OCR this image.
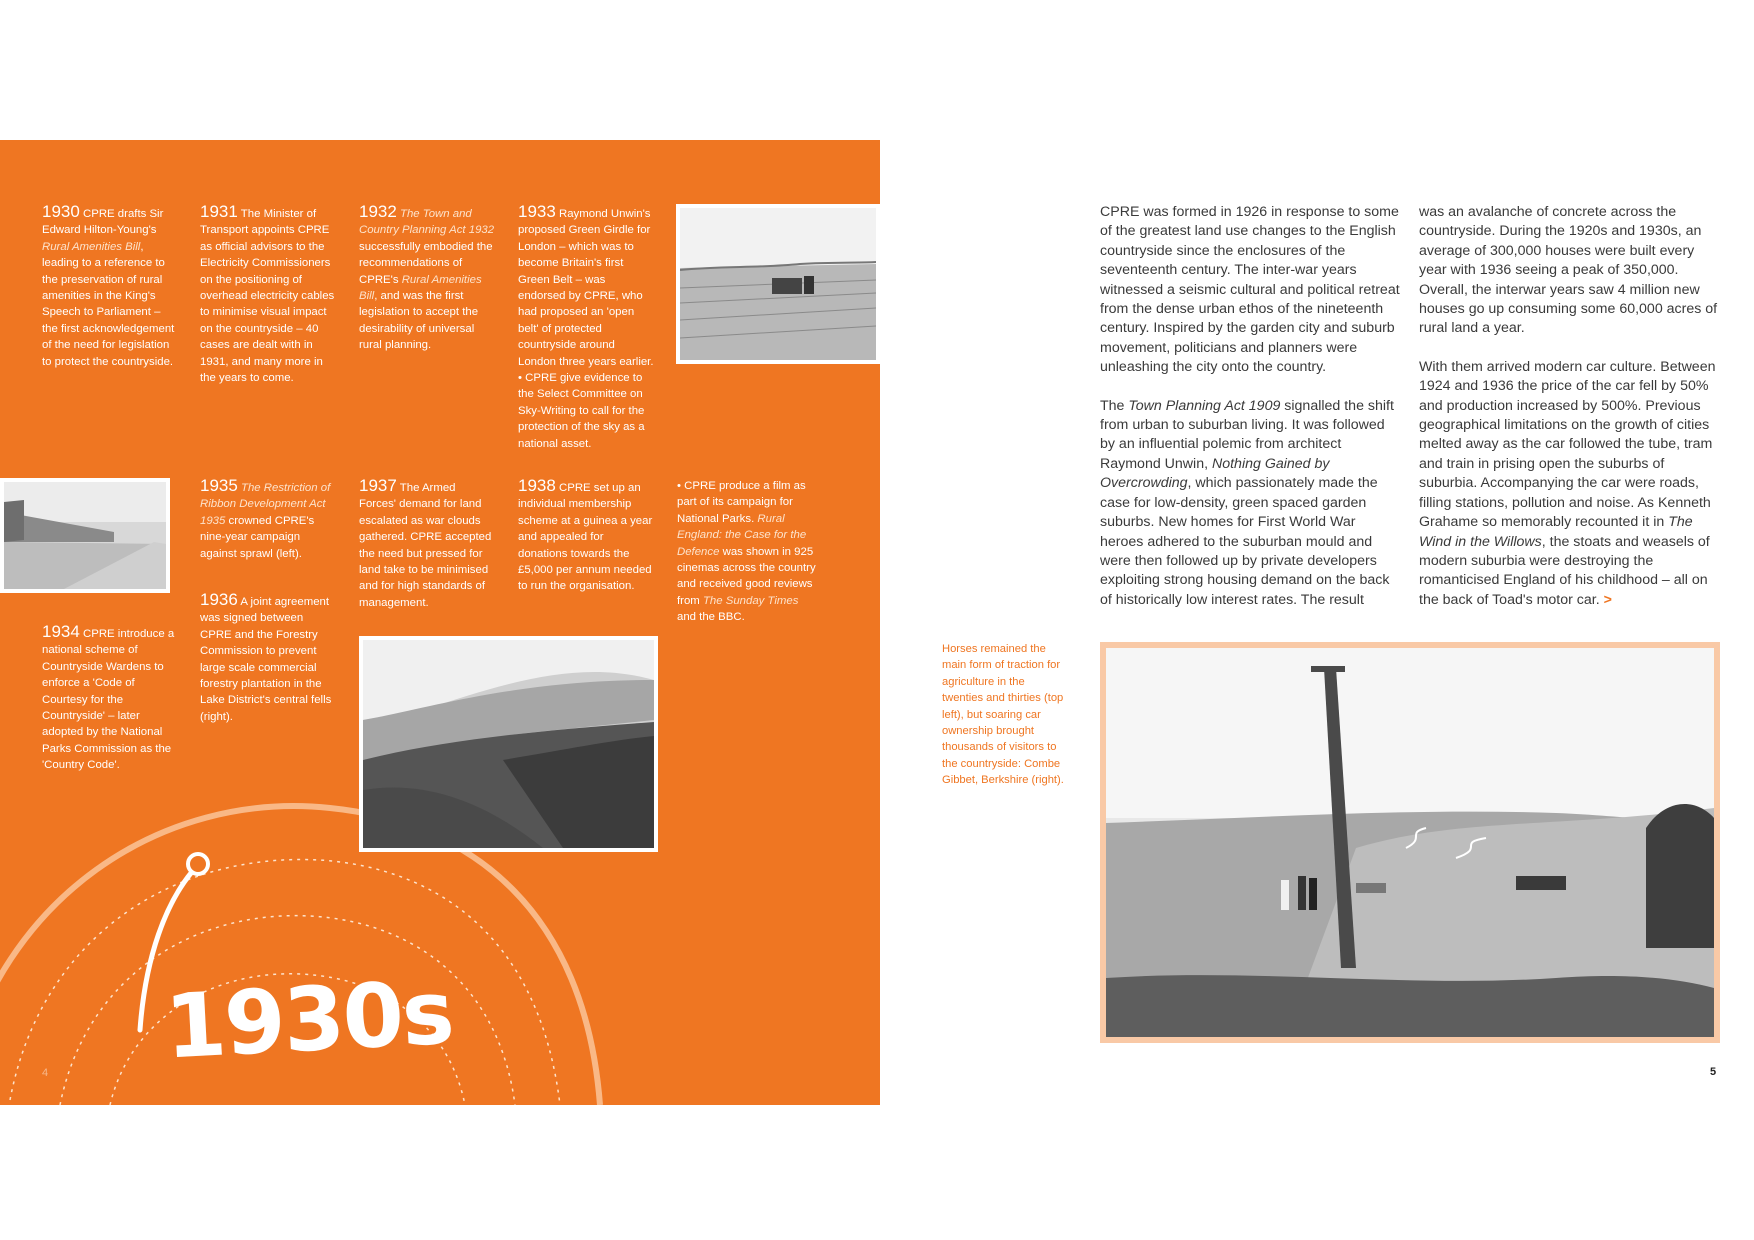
1930 CPRE drafts Sir Edward Hilton-Young's Rural Amenities Bill, leading to a reference to the preservation of rural amenities in the King's Speech to Parliament – the first acknowledgement of the need for legislation to protect the countryside.
1931 The Minister of Transport appoints CPRE as official advisors to the Electricity Commissioners on the positioning of overhead electricity cables to minimise visual impact on the countryside – 40 cases are dealt with in 1931, and many more in the years to come.
1932 The Town and Country Planning Act 1932 successfully embodied the recommendations of CPRE's Rural Amenities Bill, and was the first legislation to accept the desirability of universal rural planning.
1933 Raymond Unwin's proposed Green Girdle for London – which was to become Britain's first Green Belt – was endorsed by CPRE, who had proposed an 'open belt' of protected countryside around London three years earlier.
• CPRE give evidence to the Select Committee on Sky-Writing to call for the protection of the sky as a national asset.
1934 CPRE introduce a national scheme of Countryside Wardens to enforce a 'Code of Courtesy for the Countryside' – later adopted by the National Parks Commission as the 'Country Code'.
1935 The Restriction of Ribbon Development Act 1935 crowned CPRE's nine-year campaign against sprawl (left).
1936 A joint agreement was signed between CPRE and the Forestry Commission to prevent large scale commercial forestry plantation in the Lake District's central fells (right).
1937 The Armed Forces' demand for land escalated as war clouds gathered. CPRE accepted the need but pressed for land take to be minimised and for high standards of management.
1938 CPRE set up an individual membership scheme at a guinea a year and appealed for donations towards the £5,000 per annum needed to run the organisation.
• CPRE produce a film as part of its campaign for National Parks. Rural England: the Case for the Defence was shown in 925 cinemas across the country and received good reviews from The Sunday Times and the BBC.
1930s
4

CPRE was formed in 1926 in response to some of the greatest land use changes to the English countryside since the enclosures of the seventeenth century. The inter-war years witnessed a seismic cultural and political retreat from the dense urban ethos of the nineteenth century. Inspired by the garden city and suburb movement, politicians and planners were unleashing the city onto the country.

The Town Planning Act 1909 signalled the shift from urban to suburban living. It was followed by an influential polemic from architect Raymond Unwin, Nothing Gained by Overcrowding, which passionately made the case for low-density, green spaced garden suburbs. New homes for First World War heroes adhered to the suburban mould and were then followed up by private developers exploiting strong housing demand on the back of historically low interest rates. The result

was an avalanche of concrete across the countryside. During the 1920s and 1930s, an average of 300,000 houses were built every year with 1936 seeing a peak of 350,000. Overall, the interwar years saw 4 million new houses go up consuming some 60,000 acres of rural land a year.

With them arrived modern car culture. Between 1924 and 1936 the price of the car fell by 50% and production increased by 500%. Previous geographical limitations on the growth of cities melted away as the car followed the tube, tram and train in prising open the suburbs of suburbia. Accompanying the car were roads, filling stations, pollution and noise. As Kenneth Grahame so memorably recounted it in The Wind in the Willows, the stoats and weasels of modern suburbia were destroying the romanticised England of his childhood – all on the back of Toad's motor car. >

Horses remained the main form of traction for agriculture in the twenties and thirties (top left), but soaring car ownership brought thousands of visitors to the countryside: Combe Gibbet, Berkshire (right).
5
